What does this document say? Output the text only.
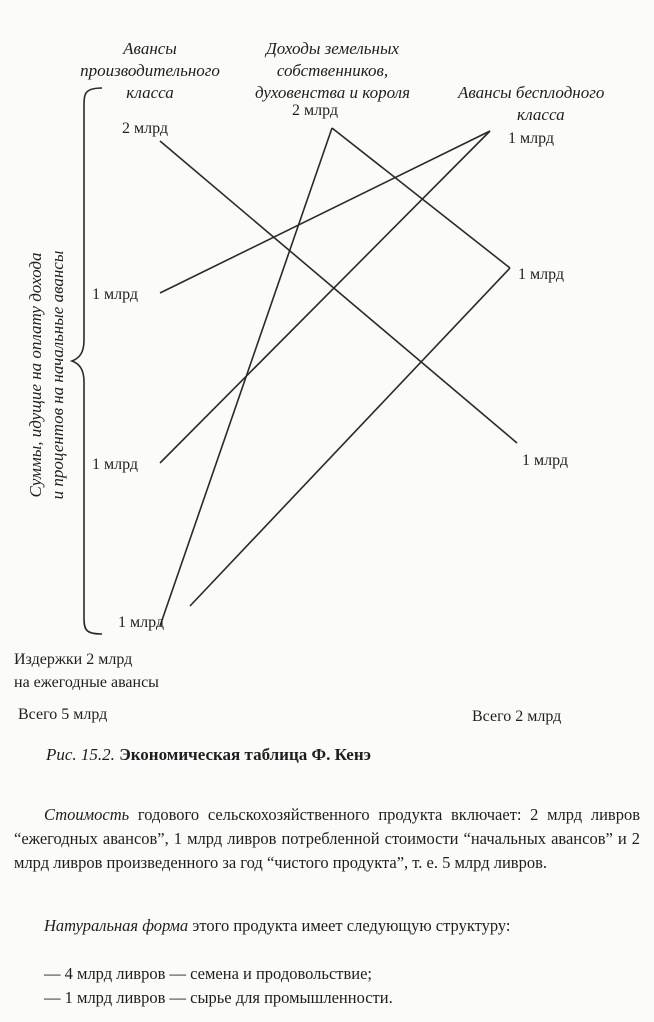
Авансы
производительного
класса
Доходы земельных
собственников,
духовенства и короля	Авансы бесплодного
класса
Суммы, идущие на оплату дохода и процентов на начальные авансы
2 млрд
1 млрд
1 млрд
1 млрд
2 млрд
1 млрд
1 млрд
1 млрд
Издержки 2 млрд
на ежегодные авансы
Всего 5 млрд	Всего 2 млрд
Рис. 15.2. Экономическая таблица Ф. Кенэ

Стоимость годового сельскохозяйственного продукта включает: 2 млрд ливров “ежегодных авансов”, 1 млрд ливров потребленной стоимости “начальных авансов” и 2 млрд ливров произведенного за год “чистого продукта”, т. е. 5 млрд ливров.

Натуральная форма этого продукта имеет следующую структуру:

— 4 млрд ливров — семена и продовольствие;
— 1 млрд ливров — сырье для промышленности.
